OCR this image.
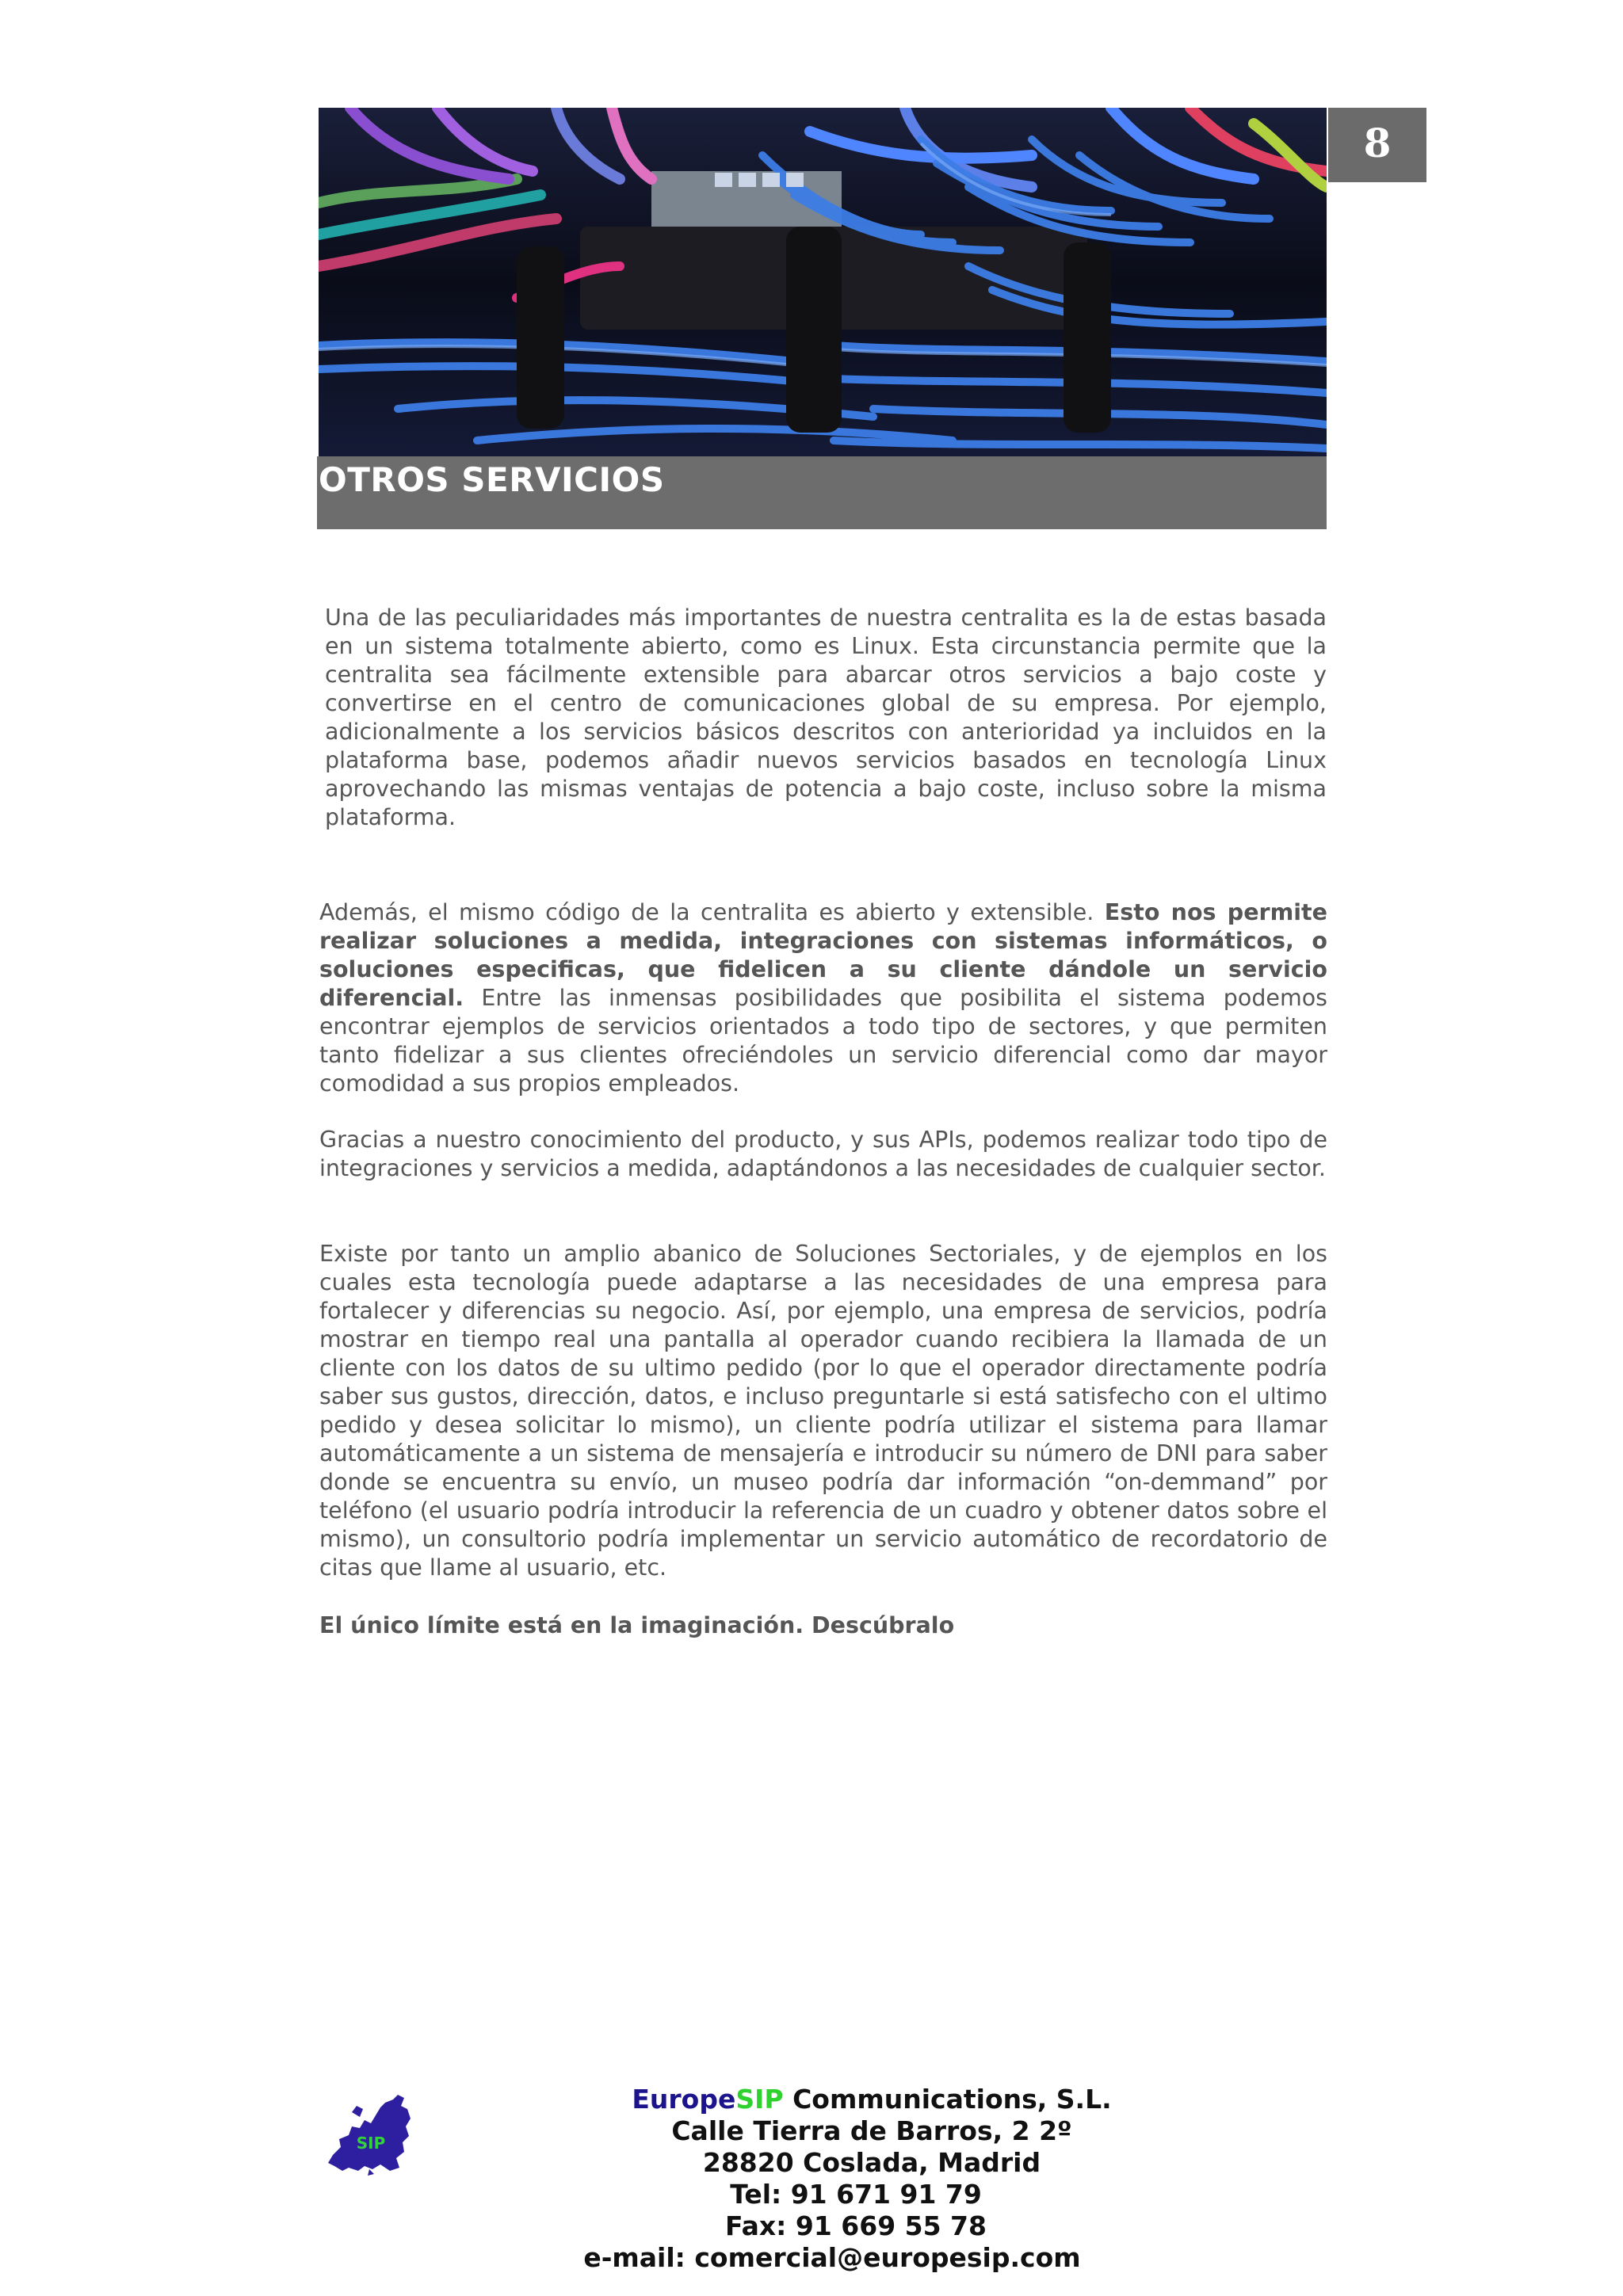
8
OTROS SERVICIOS

Una de las peculiaridades más importantes de nuestra centralita es la de estas basada en un sistema totalmente abierto, como es Linux. Esta circunstancia permite que la centralita sea fácilmente extensible para abarcar otros servicios a bajo coste y convertirse en el centro de comunicaciones global de su empresa. Por ejemplo, adicionalmente a los servicios básicos descritos con anterioridad ya incluidos en la plataforma base, podemos añadir nuevos servicios basados en tecnología Linux aprovechando las mismas ventajas de potencia a bajo coste, incluso sobre la misma plataforma.

Además, el mismo código de la centralita es abierto y extensible. Esto nos permite realizar soluciones a medida, integraciones con sistemas informáticos, o soluciones especificas, que fidelicen a su cliente dándole un servicio diferencial. Entre las inmensas posibilidades que posibilita el sistema podemos encontrar ejemplos de servicios orientados a todo tipo de sectores, y que permiten tanto fidelizar a sus clientes ofreciéndoles un servicio diferencial como dar mayor comodidad a sus propios empleados.

Gracias a nuestro conocimiento del producto, y sus APIs, podemos realizar todo tipo de integraciones y servicios a medida, adaptándonos a las necesidades de cualquier sector.

Existe por tanto un amplio abanico de Soluciones Sectoriales, y de ejemplos en los cuales esta tecnología puede adaptarse a las necesidades de una empresa para fortalecer y diferencias su negocio. Así, por ejemplo, una empresa de servicios, podría mostrar en tiempo real una pantalla al operador cuando recibiera la llamada de un cliente con los datos de su ultimo pedido (por lo que el operador directamente podría saber sus gustos, dirección, datos, e incluso preguntarle si está satisfecho con el ultimo pedido y desea solicitar lo mismo), un cliente podría utilizar el sistema para llamar automáticamente a un sistema de mensajería e introducir su número de DNI para saber donde se encuentra su envío, un museo podría dar información “on-demmand” por teléfono (el usuario podría introducir la referencia de un cuadro y obtener datos sobre el mismo), un consultorio podría implementar un servicio automático de recordatorio de citas que llame al usuario, etc.

El único límite está en la imaginación. Descúbralo

SIP
EuropeSIP Communications, S.L.
Calle Tierra de Barros, 2 2º
28820 Coslada, Madrid
Tel: 91 671 91 79
Fax: 91 669 55 78
e-mail: comercial@europesip.com
